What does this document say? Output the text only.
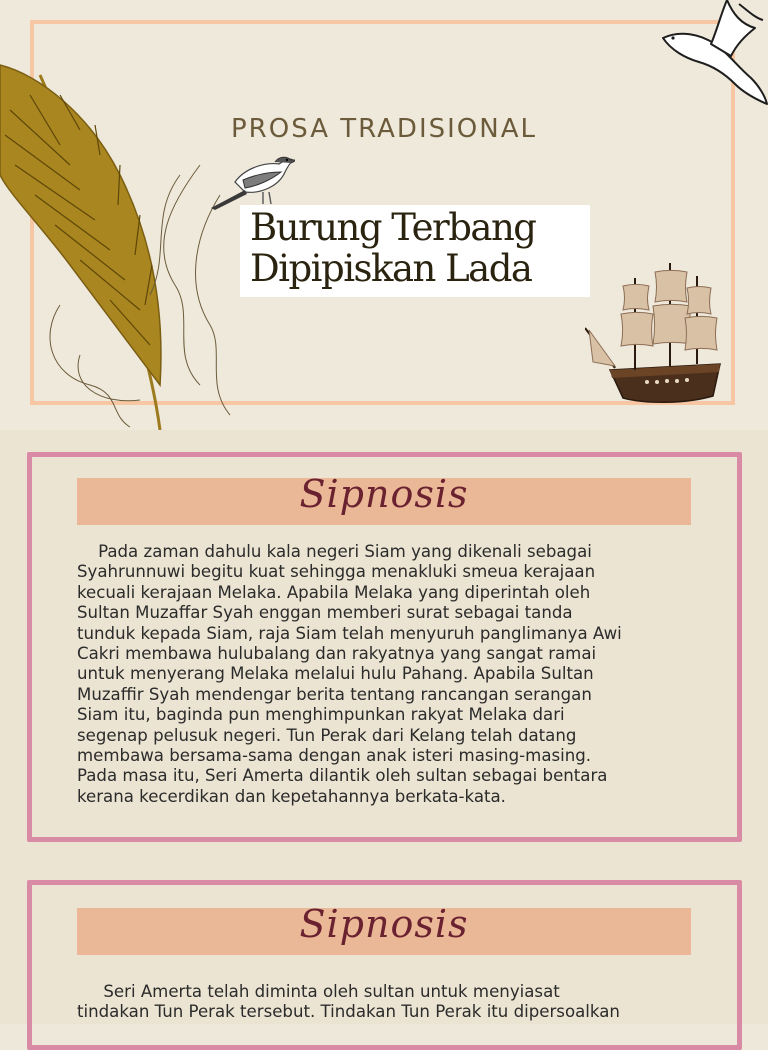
PROSA TRADISIONAL
Burung Terbang
Dipipiskan Lada
Sipnosis

Pada zaman dahulu kala negeri Siam yang dikenali sebagai
Syahrunnuwi begitu kuat sehingga menakluki smeua kerajaan
kecuali kerajaan Melaka. Apabila Melaka yang diperintah oleh
Sultan Muzaffar Syah enggan memberi surat sebagai tanda
tunduk kepada Siam, raja Siam telah menyuruh panglimanya Awi
Cakri membawa hulubalang dan rakyatnya yang sangat ramai
untuk menyerang Melaka melalui hulu Pahang. Apabila Sultan
Muzaffir Syah mendengar berita tentang rancangan serangan
Siam itu, baginda pun menghimpunkan rakyat Melaka dari
segenap pelusuk negeri. Tun Perak dari Kelang telah datang
membawa bersama-sama dengan anak isteri masing-masing.
Pada masa itu, Seri Amerta dilantik oleh sultan sebagai bentara
kerana kecerdikan dan kepetahannya berkata-kata.

Sipnosis

Seri Amerta telah diminta oleh sultan untuk menyiasat
tindakan Tun Perak tersebut. Tindakan Tun Perak itu dipersoalkan
